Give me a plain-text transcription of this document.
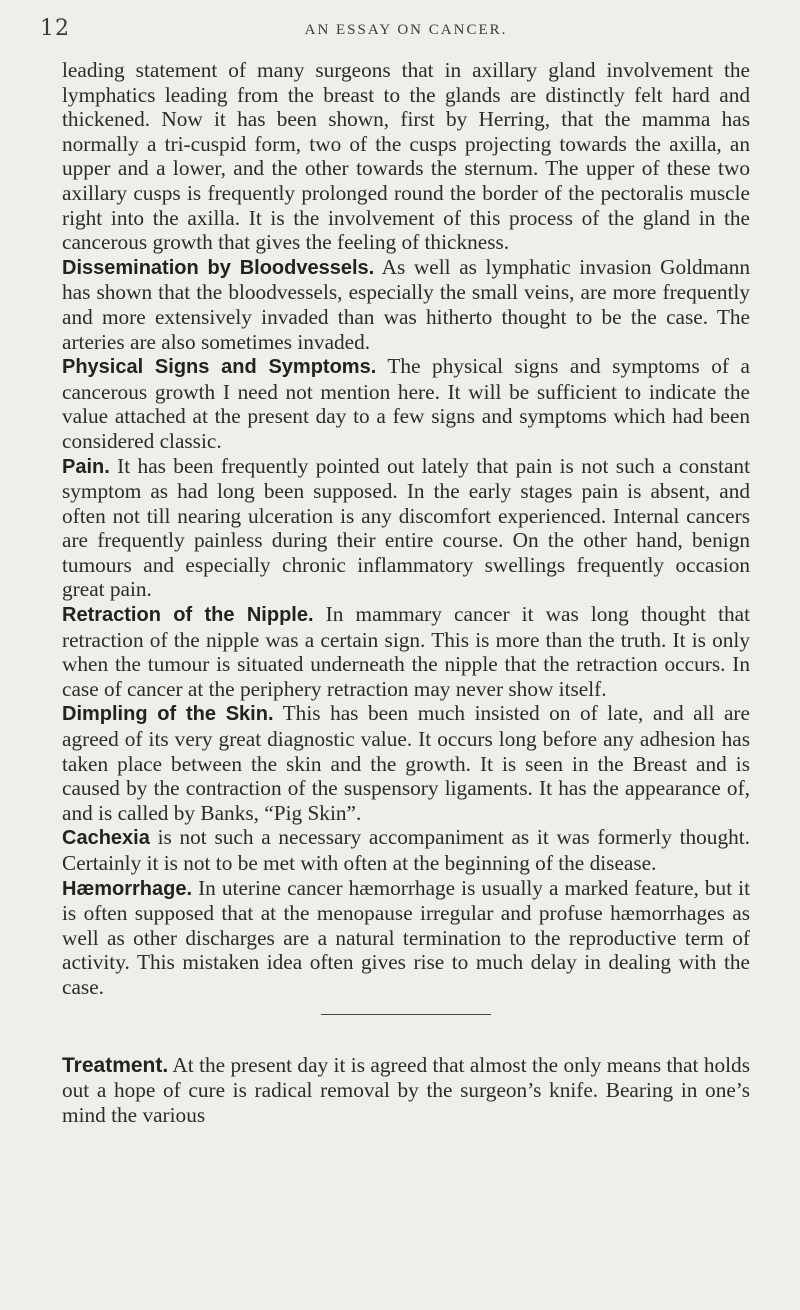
12	AN ESSAY ON CANCER.

leading statement of many surgeons that in axillary gland involvement the lymphatics leading from the breast to the glands are distinctly felt hard and thickened. Now it has been shown, first by Herring, that the mamma has normally a tri-cuspid form, two of the cusps projecting towards the axilla, an upper and a lower, and the other towards the sternum. The upper of these two axillary cusps is frequently prolonged round the border of the pectoralis muscle right into the axilla. It is the involvement of this process of the gland in the cancerous growth that gives the feeling of thickness.

Dissemination by Bloodvessels. As well as lymphatic invasion Goldmann has shown that the bloodvessels, especially the small veins, are more frequently and more extensively invaded than was hitherto thought to be the case. The arteries are also sometimes invaded.

Physical Signs and Symptoms. The physical signs and symptoms of a cancerous growth I need not mention here. It will be sufficient to indicate the value attached at the present day to a few signs and symptoms which had been considered classic.

Pain. It has been frequently pointed out lately that pain is not such a constant symptom as had long been supposed. In the early stages pain is absent, and often not till nearing ulceration is any discomfort experienced. Internal cancers are frequently painless during their entire course. On the other hand, benign tumours and especially chronic inflammatory swellings frequently occasion great pain.

Retraction of the Nipple. In mammary cancer it was long thought that retraction of the nipple was a certain sign. This is more than the truth. It is only when the tumour is situated underneath the nipple that the retraction occurs. In case of cancer at the periphery retraction may never show itself.

Dimpling of the Skin. This has been much insisted on of late, and all are agreed of its very great diagnostic value. It occurs long before any adhesion has taken place between the skin and the growth. It is seen in the Breast and is caused by the contraction of the suspensory ligaments. It has the appearance of, and is called by Banks, “Pig Skin”.

Cachexia is not such a necessary accompaniment as it was formerly thought. Certainly it is not to be met with often at the beginning of the disease.

Hæmorrhage. In uterine cancer hæmorrhage is usually a marked feature, but it is often supposed that at the menopause irregular and profuse hæmorrhages as well as other discharges are a natural termination to the reproductive term of activity. This mistaken idea often gives rise to much delay in dealing with the case.

Treatment. At the present day it is agreed that almost the only means that holds out a hope of cure is radical removal by the surgeon’s knife. Bearing in one’s mind the various
